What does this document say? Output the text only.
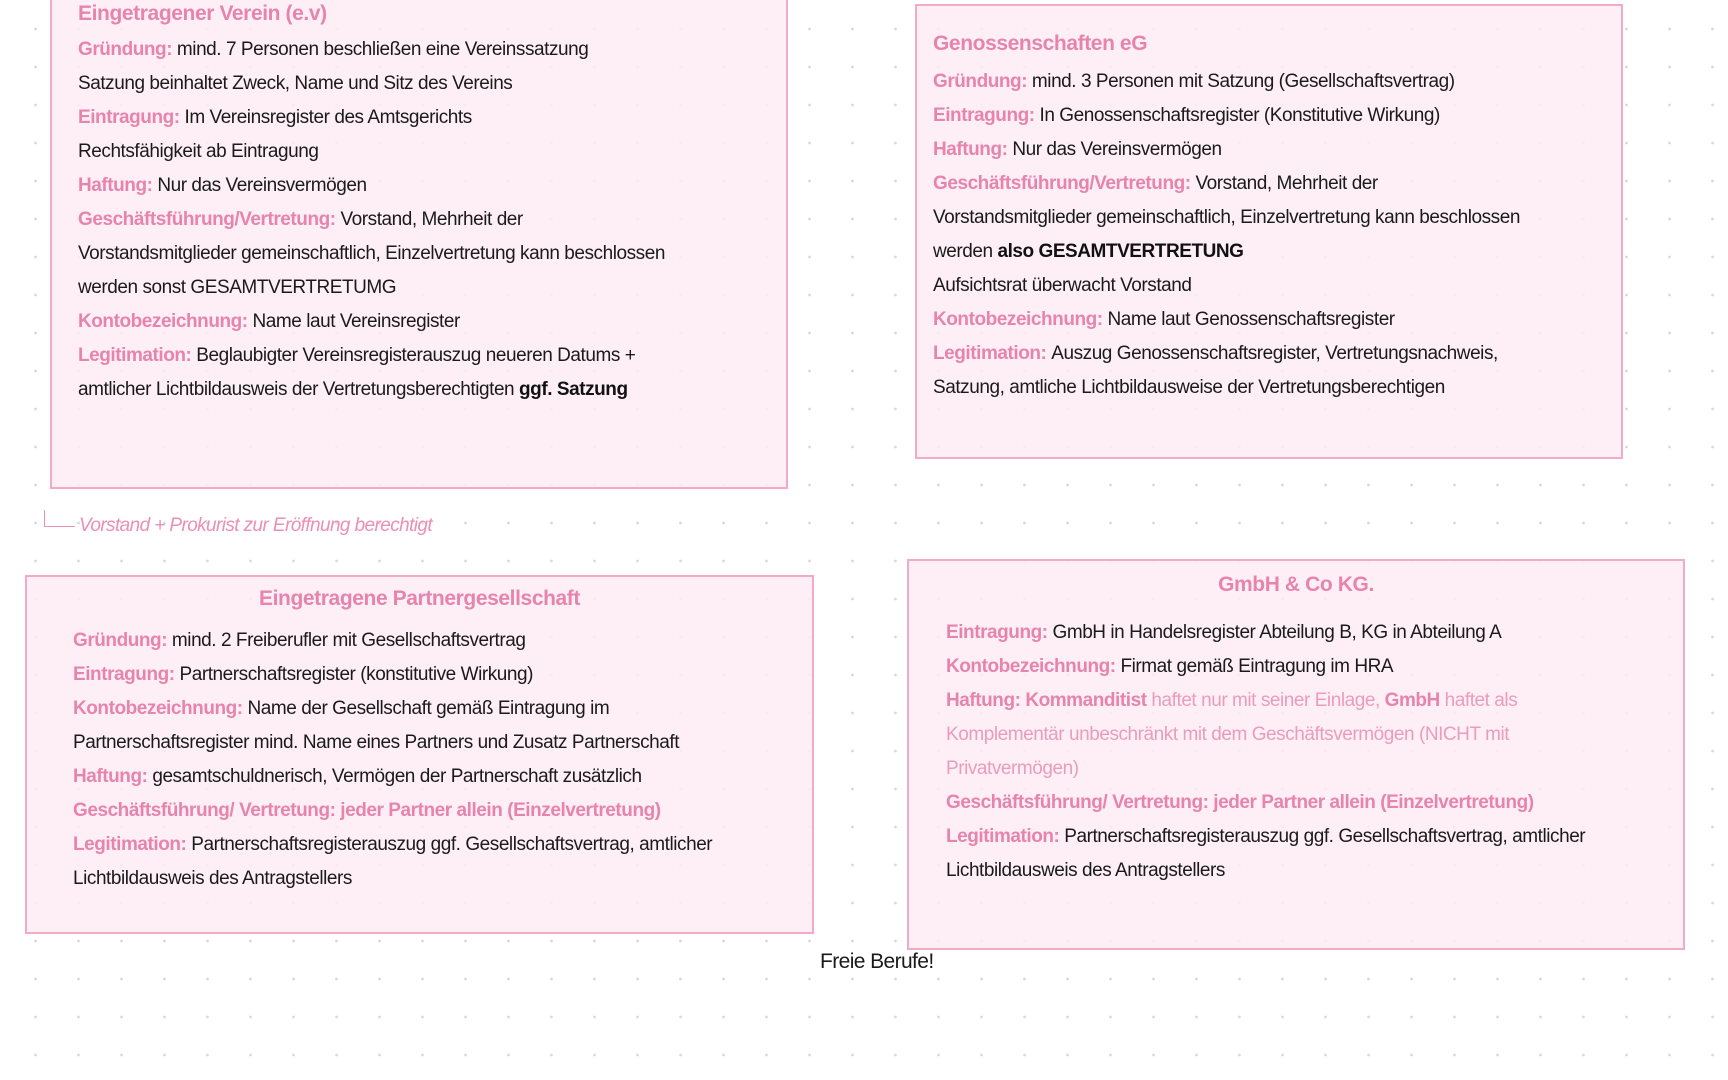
Eingetragener Verein (e.v)
Gründung: mind. 7 Personen beschließen eine Vereinssatzung
Satzung beinhaltet Zweck, Name und Sitz des Vereins
Eintragung: Im Vereinsregister des Amtsgerichts
Rechtsfähigkeit ab Eintragung
Haftung: Nur das Vereinsvermögen
Geschäftsführung/Vertretung: Vorstand, Mehrheit der
Vorstandsmitglieder gemeinschaftlich, Einzelvertretung kann beschlossen
werden sonst GESAMTVERTRETUMG
Kontobezeichnung: Name laut Vereinsregister
Legitimation: Beglaubigter Vereinsregisterauszug neueren Datums +
amtlicher Lichtbildausweis der Vertretungsberechtigten ggf. Satzung
Genossenschaften eG
Gründung: mind. 3 Personen mit Satzung (Gesellschaftsvertrag)
Eintragung: In Genossenschaftsregister (Konstitutive Wirkung)
Haftung: Nur das Vereinsvermögen
Geschäftsführung/Vertretung: Vorstand, Mehrheit der
Vorstandsmitglieder gemeinschaftlich, Einzelvertretung kann beschlossen
werden also GESAMTVERTRETUNG
Aufsichtsrat überwacht Vorstand
Kontobezeichnung: Name laut Genossenschaftsregister
Legitimation: Auszug Genossenschaftsregister, Vertretungsnachweis,
Satzung, amtliche Lichtbildausweise der Vertretungsberechtigen
Eingetragene Partnergesellschaft
Gründung: mind. 2 Freiberufler mit Gesellschaftsvertrag
Eintragung: Partnerschaftsregister (konstitutive Wirkung)
Kontobezeichnung: Name der Gesellschaft gemäß Eintragung im
Partnerschaftsregister mind. Name eines Partners und Zusatz Partnerschaft
Haftung: gesamtschuldnerisch, Vermögen der Partnerschaft zusätzlich
Geschäftsführung/ Vertretung: jeder Partner allein (Einzelvertretung)
Legitimation: Partnerschaftsregisterauszug ggf. Gesellschaftsvertrag, amtlicher
Lichtbildausweis des Antragstellers
GmbH & Co KG.
Eintragung: GmbH in Handelsregister Abteilung B, KG in Abteilung A
Kontobezeichnung: Firmat gemäß Eintragung im HRA
Haftung: Kommanditist haftet nur mit seiner Einlage, GmbH haftet als
Komplementär unbeschränkt mit dem Geschäftsvermögen (NICHT mit
Privatvermögen)
Geschäftsführung/ Vertretung: jeder Partner allein (Einzelvertretung)
Legitimation: Partnerschaftsregisterauszug ggf. Gesellschaftsvertrag, amtlicher
Lichtbildausweis des Antragstellers
Vorstand + Prokurist zur Eröffnung berechtigt
Freie Berufe!
